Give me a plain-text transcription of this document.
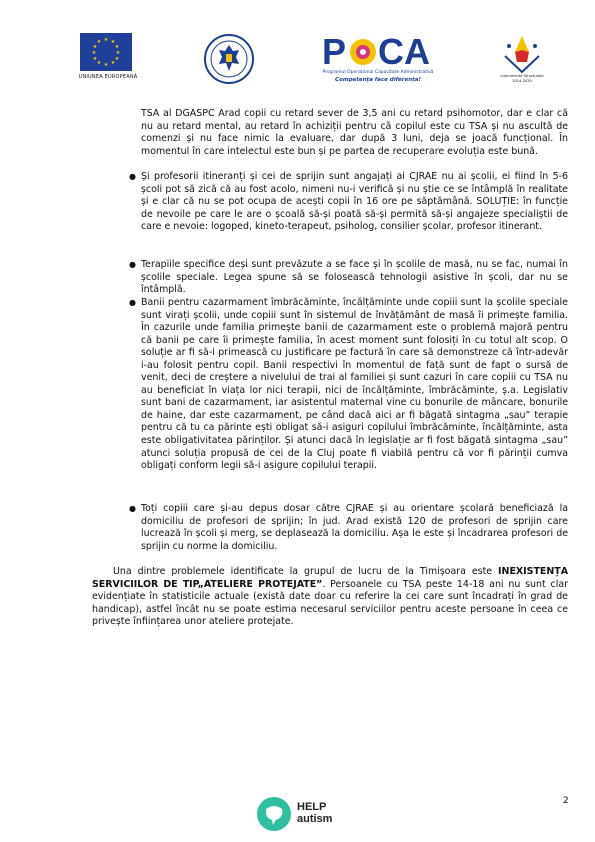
★ ★
★
★
★
★
★
★
★
★
★
★
UNIUNEA EUROPEANĂ
P CA
Programul Operațional Capacitate Administrativă
Competența face diferența!
Instrumente Structurale
2014-2020

TSA al DGASPC Arad copii cu retard sever de 3,5 ani cu retard psihomotor, dar e clar că nu au retard mental, au retard în achiziții pentru că copilul este cu TSA și nu ascultă de comenzi și nu face nimic la evaluare, dar după 3 luni, deja se joacă funcțional. În momentul în care intelectul este bun și pe partea de recuperare evoluția este bună.

● Și profesorii itineranți și cei de sprijin sunt angajați ai CJRAE nu ai școlii, ei fiind în 5-6 școli pot să zică că au fost acolo, nimeni nu-i verifică și nu știe ce se întâmplă în realitate și e clar că nu se pot ocupa de acești copii în 16 ore pe săptămână. SOLUȚIE: în funcție de nevoile pe care le are o școală să-și poată să-și permită să-și angajeze specialiștii de care e nevoie: logoped, kineto-terapeut, psiholog, consilier școlar, profesor itinerant.

● Terapiile specifice deși sunt prevăzute a se face și în școlile de masă, nu se fac, numai în școlile speciale. Legea spune să se folosească tehnologii asistive în școli, dar nu se întâmplă.

● Banii pentru cazarmament îmbrăcăminte, încălțăminte unde copiii sunt la școlile speciale sunt virați școlii, unde copiii sunt în sistemul de învățământ de masă îi primește familia. În cazurile unde familia primește banii de cazarmament este o problemă majoră pentru că banii pe care îi primește familia, în acest moment sunt folosiți în cu totul alt scop. O soluție ar fi să-i primească cu justificare pe factură în care să demonstreze că într-adevăr i-au folosit pentru copil. Banii respectivi în momentul de față sunt de fapt o sursă de venit, deci de creștere a nivelului de trai al familiei și sunt cazuri în care copiii cu TSA nu au beneficiat în viața lor nici terapii, nici de încălțăminte, îmbrăcăminte, ș.a. Legislativ sunt bani de cazarmament, iar asistentul maternal vine cu bonurile de mâncare, bonurile de haine, dar este cazarmament, pe când dacă aici ar fi băgată sintagma „sau” terapie pentru că tu ca părinte ești obligat să-i asiguri copilului îmbrăcăminte, încălțăminte, asta este obligativitatea părinților. Și atunci dacă în legislație ar fi fost băgată sintagma „sau” atunci soluția propusă de cei de la Cluj poate fi viabilă pentru că vor fi părinții cumva obligați conform legii să-i asigure copilului terapii.

● Toți copiii care și-au depus dosar către CJRAE și au orientare școlară beneficiază la domiciliu de profesori de sprijin; în jud. Arad există 120 de profesori de sprijin care lucrează în școli și merg, se deplasează la domiciliu. Așa le este și încadrarea profesori de sprijin cu norme la domiciliu.

Una dintre problemele identificate la grupul de lucru de la Timișoara este INEXISTENȚA SERVICIILOR DE TIP„ATELIERE PROTEJATE”. Persoanele cu TSA peste 14-18 ani nu sunt clar evidențiate în statisticile actuale (există date doar cu referire la cei care sunt încadrați în grad de handicap), astfel încât nu se poate estima necesarul serviciilor pentru aceste persoane în ceea ce privește înființarea unor ateliere protejate.
HELP
autism
2
